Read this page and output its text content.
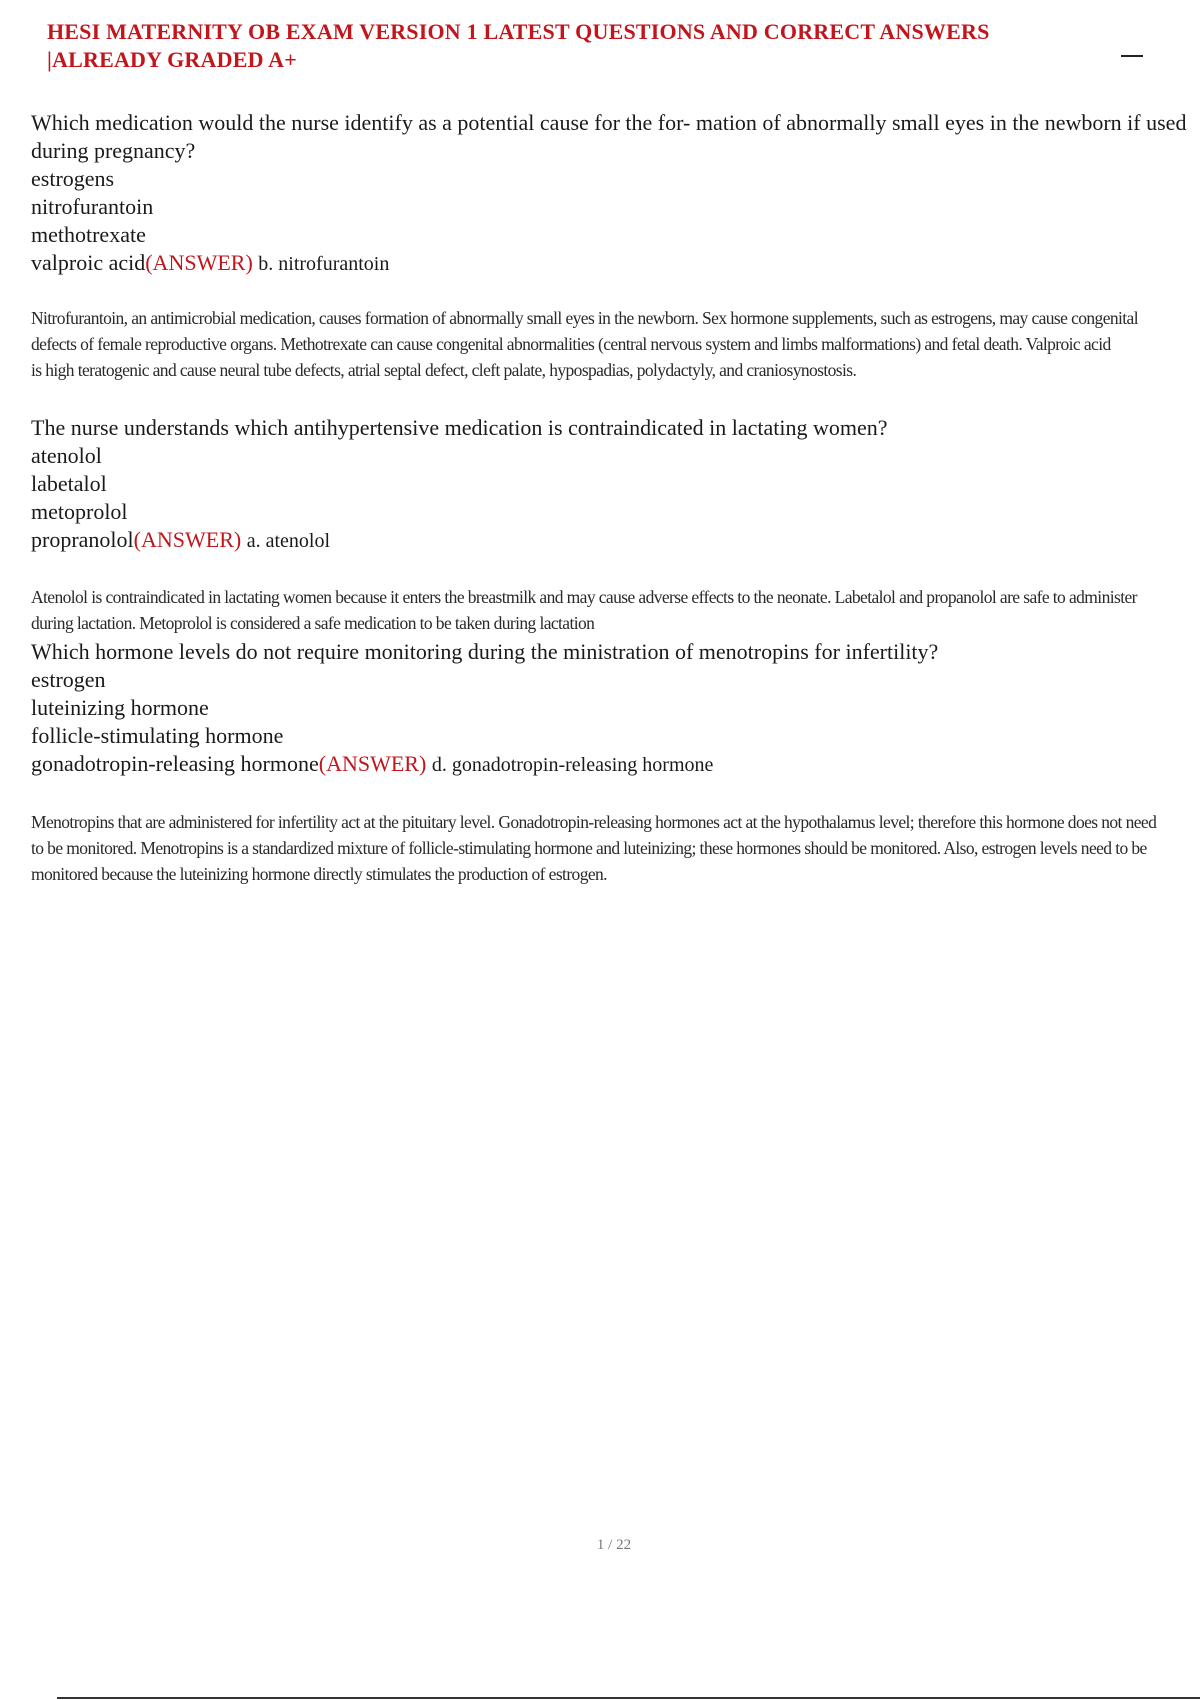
HESI MATERNITY OB EXAM VERSION 1 LATEST QUESTIONS AND CORRECT ANSWERS |ALREADY GRADED A+

Which medication would the nurse identify as a potential cause for the for- mation of abnormally small eyes in the newborn if used during pregnancy?

estrogens

nitrofurantoin

methotrexate

valproic acid(ANSWER) b. nitrofurantoin

Nitrofurantoin, an antimicrobial medication, causes formation of abnormally small eyes in the newborn. Sex hormone supplements, such as estrogens, may cause congenital

defects of female reproductive organs. Methotrexate can cause congenital abnormalities (central nervous system and limbs malformations) and fetal death. Valproic acid

is high teratogenic and cause neural tube defects, atrial septal defect, cleft palate, hypospadias, polydactyly, and craniosynostosis.

The nurse understands which antihypertensive medication is contraindicated in lactating women?

atenolol

labetalol

metoprolol

propranolol(ANSWER) a. atenolol

Atenolol is contraindicated in lactating women because it enters the breastmilk and may cause adverse effects to the neonate. Labetalol and propanolol are safe to administer

during lactation. Metoprolol is considered a safe medication to be taken during lactation

Which hormone levels do not require monitoring during the ministration of menotropins for infertility?

estrogen

luteinizing hormone

follicle-stimulating hormone

gonadotropin-releasing hormone(ANSWER) d. gonadotropin-releasing hormone

Menotropins that are administered for infertility act at the pituitary level. Gonadotropin-releasing hormones act at the hypothalamus level; therefore this hormone does not need

to be monitored. Menotropins is a standardized mixture of follicle-stimulating hormone and luteinizing; these hormones should be monitored. Also, estrogen levels need to be

monitored because the luteinizing hormone directly stimulates the production of estrogen.

1 / 22
